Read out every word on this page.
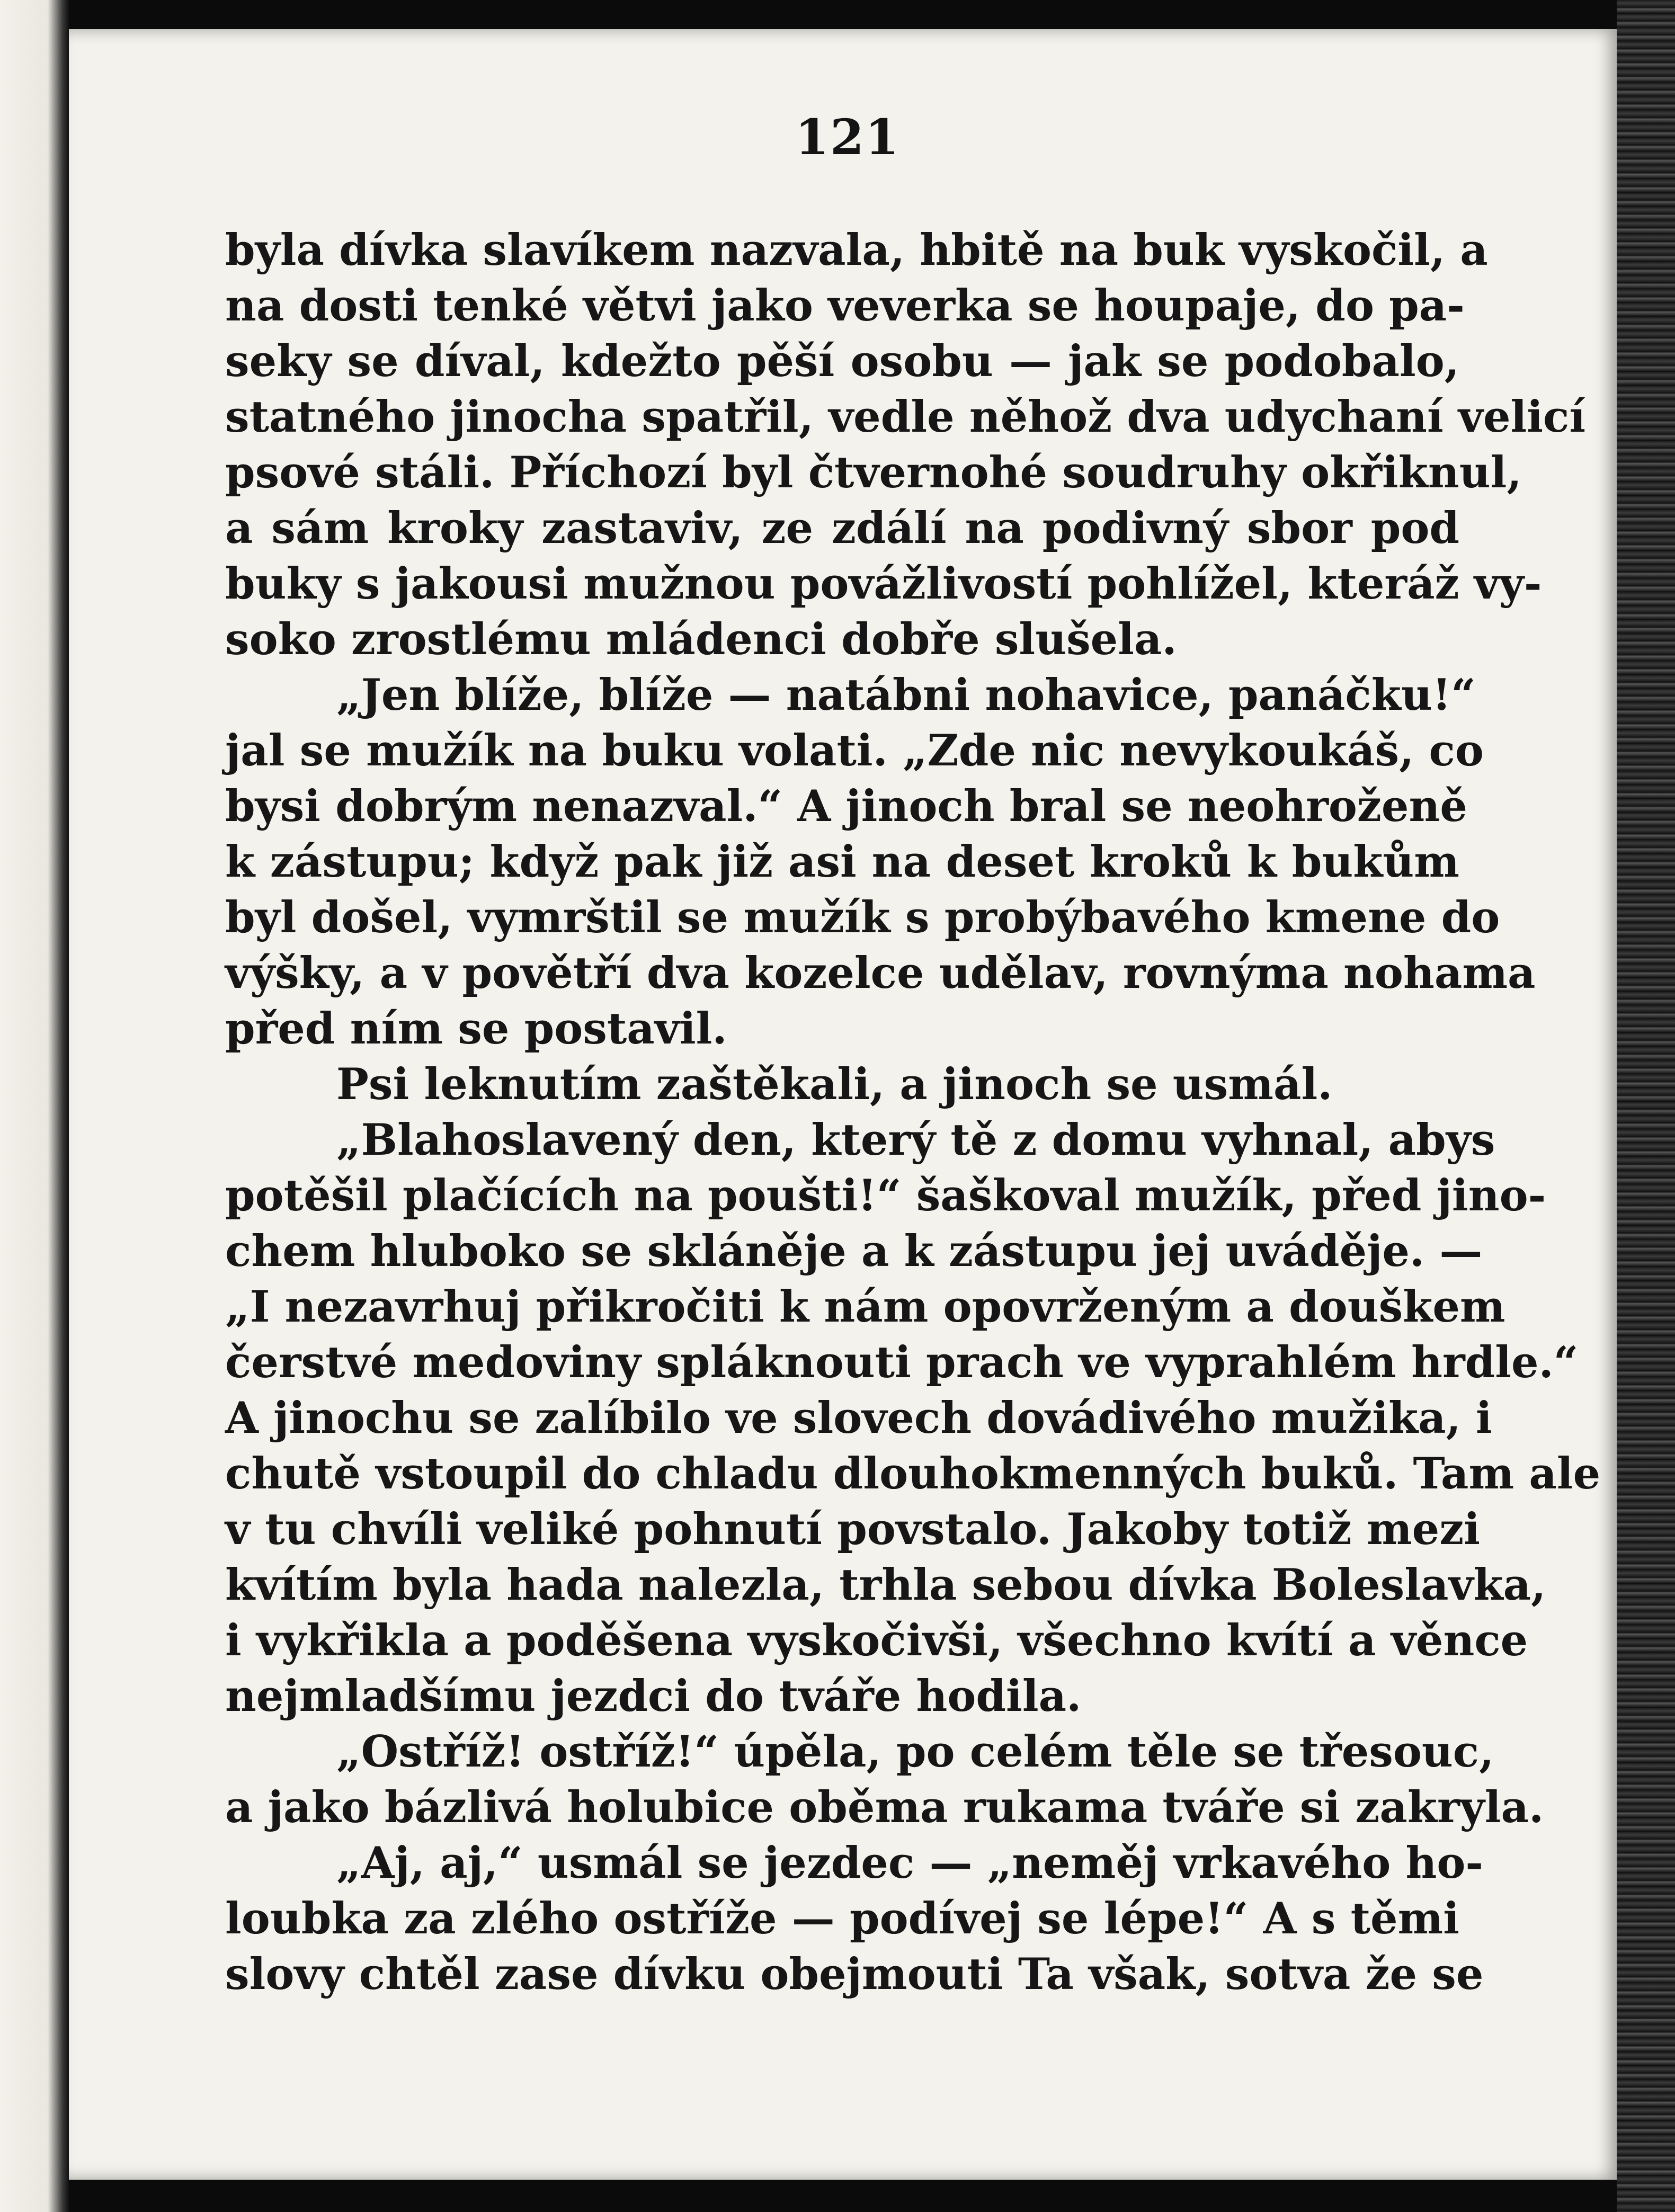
121
byla dívka slavíkem nazvala, hbitě na buk vyskočil, a
na dosti tenké větvi jako veverka se houpaje, do pa-
seky se díval, kdežto pěší osobu — jak se podobalo,
statného jinocha spatřil, vedle něhož dva udychaní velicí
psové stáli. Příchozí byl čtvernohé soudruhy okřiknul,
a sám kroky zastaviv, ze zdálí na podivný sbor pod
buky s jakousi mužnou povážlivostí pohlížel, kteráž vy-
soko zrostlému mládenci dobře slušela.
„Jen blíže, blíže — natábni nohavice, panáčku!“
jal se mužík na buku volati. „Zde nic nevykoukáš, co
bysi dobrým nenazval.“ A jinoch bral se neohroženě
k zástupu; když pak již asi na deset kroků k bukům
byl došel, vymrštil se mužík s probýbavého kmene do
výšky, a v povětří dva kozelce udělav, rovnýma nohama
před ním se postavil.
Psi leknutím zaštěkali, a jinoch se usmál.
„Blahoslavený den, který tě z domu vyhnal, abys
potěšil plačících na poušti!“ šaškoval mužík, před jino-
chem hluboko se skláněje a k zástupu jej uváděje. —
„I nezavrhuj přikročiti k nám opovrženým a douškem
čerstvé medoviny spláknouti prach ve vyprahlém hrdle.“
A jinochu se zalíbilo ve slovech dovádivého mužika, i
chutě vstoupil do chladu dlouhokmenných buků. Tam ale
v tu chvíli veliké pohnutí povstalo. Jakoby totiž mezi
kvítím byla hada nalezla, trhla sebou dívka Boleslavka,
i vykřikla a poděšena vyskočivši, všechno kvítí a věnce
nejmladšímu jezdci do tváře hodila.
„Ostříž! ostříž!“ úpěla, po celém těle se třesouc,
a jako bázlivá holubice oběma rukama tváře si zakryla.
„Aj, aj,“ usmál se jezdec — „neměj vrkavého ho-
loubka za zlého ostříže — podívej se lépe!“ A s těmi
slovy chtěl zase dívku obejmouti Ta však, sotva že se
